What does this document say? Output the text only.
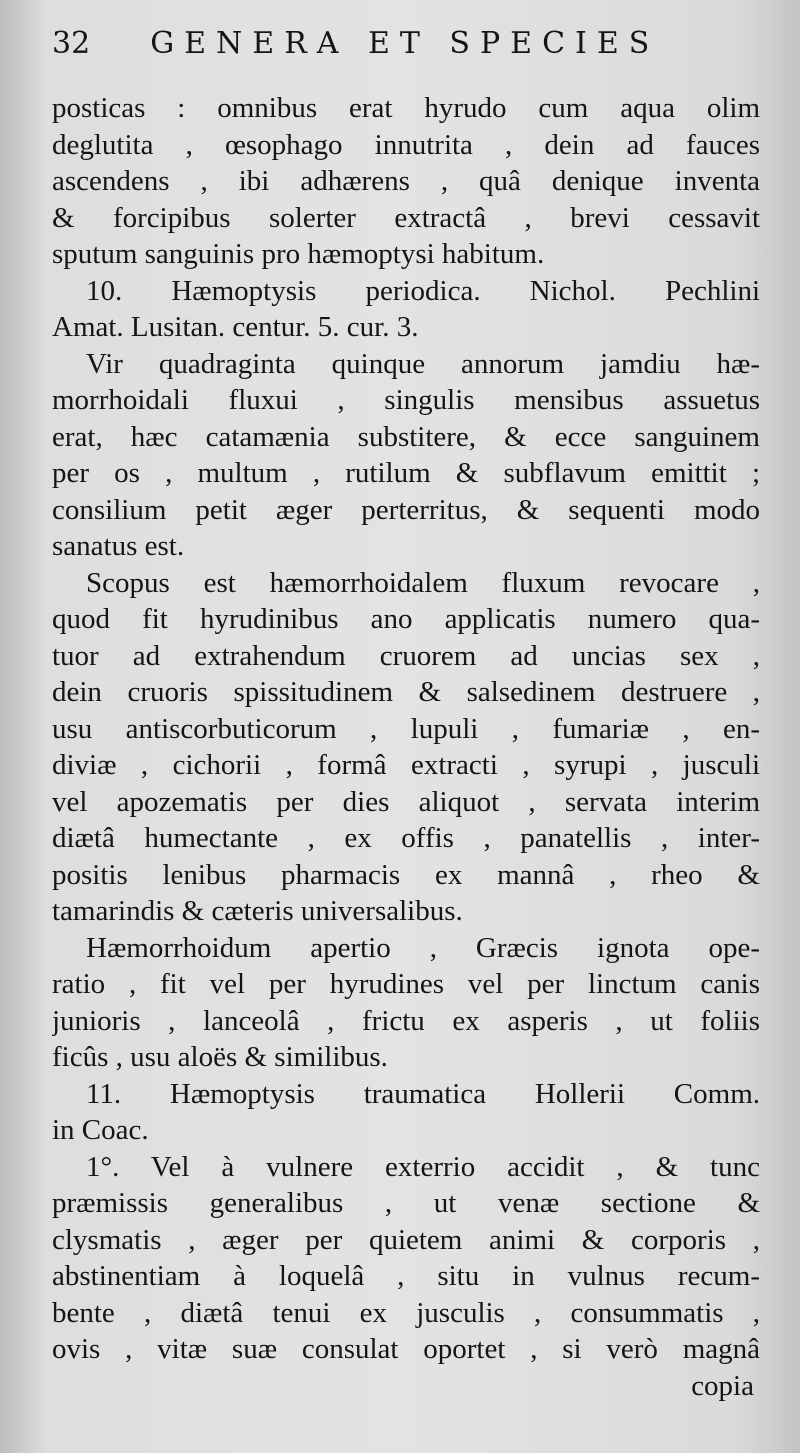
32 GENERA ET SPECIES
posticas : omnibus erat hyrudo cum aqua olim
deglutita , œsophago innutrita , dein ad fauces
ascendens , ibi adhærens , quâ denique inventa
& forcipibus solerter extractâ , brevi cessavit
sputum sanguinis pro hæmoptysi habitum.
10. Hæmoptysis periodica. Nichol. Pechlini
Amat. Lusitan. centur. 5. cur. 3.
Vir quadraginta quinque annorum jamdiu hæ-
morrhoidali fluxui , singulis mensibus assuetus
erat, hæc catamænia substitere, & ecce sanguinem
per os , multum , rutilum & subflavum emittit ;
consilium petit æger perterritus, & sequenti modo
sanatus est.
Scopus est hæmorrhoidalem fluxum revocare ,
quod fit hyrudinibus ano applicatis numero qua-
tuor ad extrahendum cruorem ad uncias sex ,
dein cruoris spissitudinem & salsedinem destruere ,
usu antiscorbuticorum , lupuli , fumariæ , en-
diviæ , cichorii , formâ extracti , syrupi , jusculi
vel apozematis per dies aliquot , servata interim
diætâ humectante , ex offis , panatellis , inter-
positis lenibus pharmacis ex mannâ , rheo &
tamarindis & cæteris universalibus.
Hæmorrhoidum apertio , Græcis ignota ope-
ratio , fit vel per hyrudines vel per linctum canis
junioris , lanceolâ , frictu ex asperis , ut foliis
ficûs , usu aloës & similibus.
11. Hæmoptysis traumatica Hollerii Comm.
in Coac.
1°. Vel à vulnere exterrio accidit , & tunc
præmissis generalibus , ut venæ sectione &
clysmatis , æger per quietem animi & corporis ,
abstinentiam à loquelâ , situ in vulnus recum-
bente , diætâ tenui ex jusculis , consummatis ,
ovis , vitæ suæ consulat oportet , si verò magnâ
copia
